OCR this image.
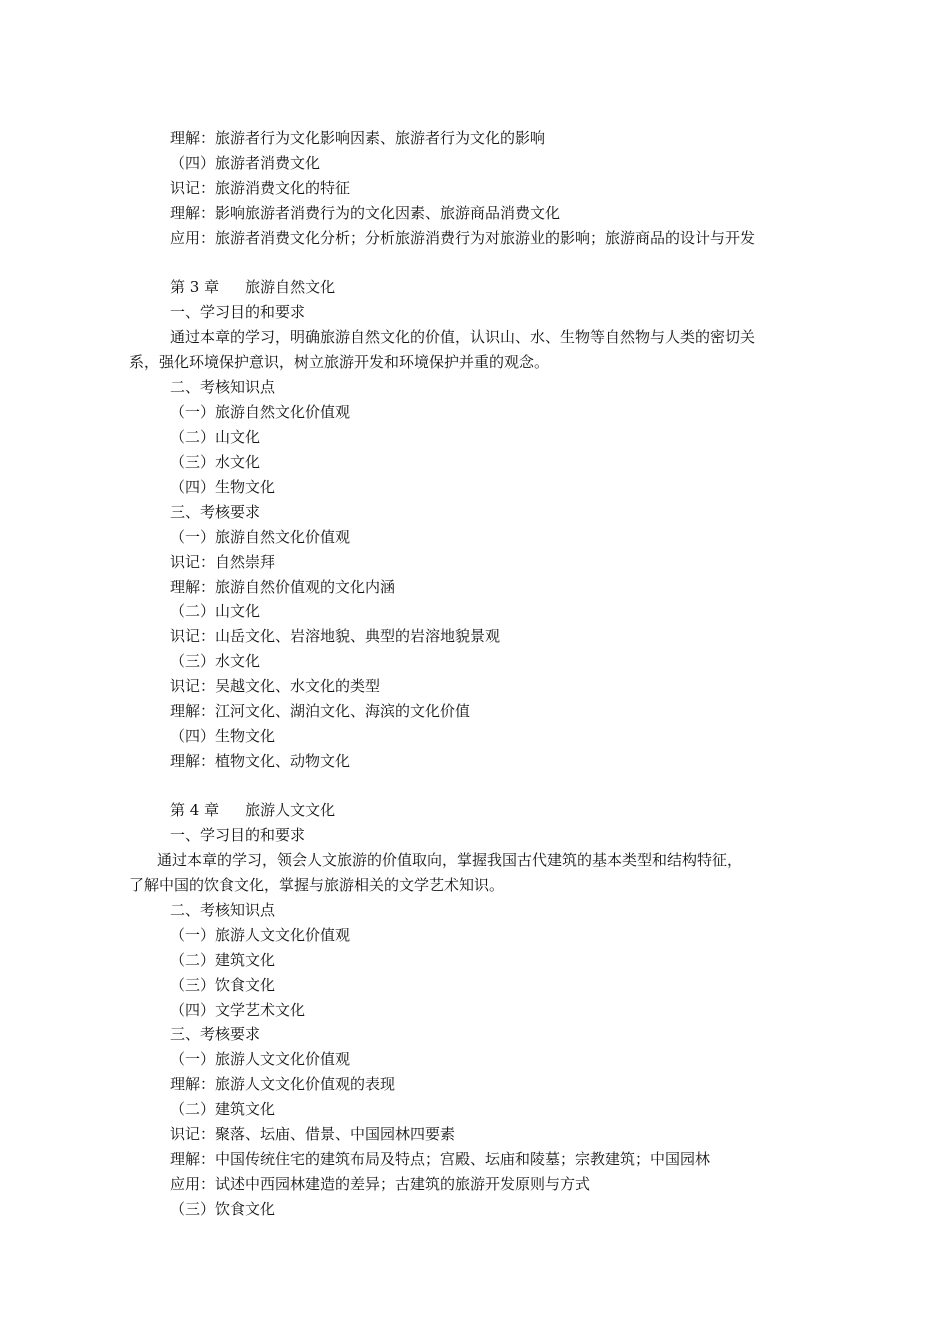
理解：旅游者行为文化影响因素、旅游者行为文化的影响
（四）旅游者消费文化
识记：旅游消费文化的特征
理解：影响旅游者消费行为的文化因素、旅游商品消费文化
应用：旅游者消费文化分析；分析旅游消费行为对旅游业的影响；旅游商品的设计与开发
第 3 章 旅游自然文化
一、学习目的和要求
通过本章的学习，明确旅游自然文化的价值，认识山、水、生物等自然物与人类的密切关
系，强化环境保护意识，树立旅游开发和环境保护并重的观念。
二、考核知识点
（一）旅游自然文化价值观
（二）山文化
（三）水文化
（四）生物文化
三、考核要求
（一）旅游自然文化价值观
识记：自然崇拜
理解：旅游自然价值观的文化内涵
（二）山文化
识记：山岳文化、岩溶地貌、典型的岩溶地貌景观
（三）水文化
识记：吴越文化、水文化的类型
理解：江河文化、湖泊文化、海滨的文化价值
（四）生物文化
理解：植物文化、动物文化
第 4 章 旅游人文文化
一、学习目的和要求
通过本章的学习，领会人文旅游的价值取向，掌握我国古代建筑的基本类型和结构特征，
了解中国的饮食文化，掌握与旅游相关的文学艺术知识。
二、考核知识点
（一）旅游人文文化价值观
（二）建筑文化
（三）饮食文化
（四）文学艺术文化
三、考核要求
（一）旅游人文文化价值观
理解：旅游人文文化价值观的表现
（二）建筑文化
识记：聚落、坛庙、借景、中国园林四要素
理解：中国传统住宅的建筑布局及特点；宫殿、坛庙和陵墓；宗教建筑；中国园林
应用：试述中西园林建造的差异；古建筑的旅游开发原则与方式
（三）饮食文化
